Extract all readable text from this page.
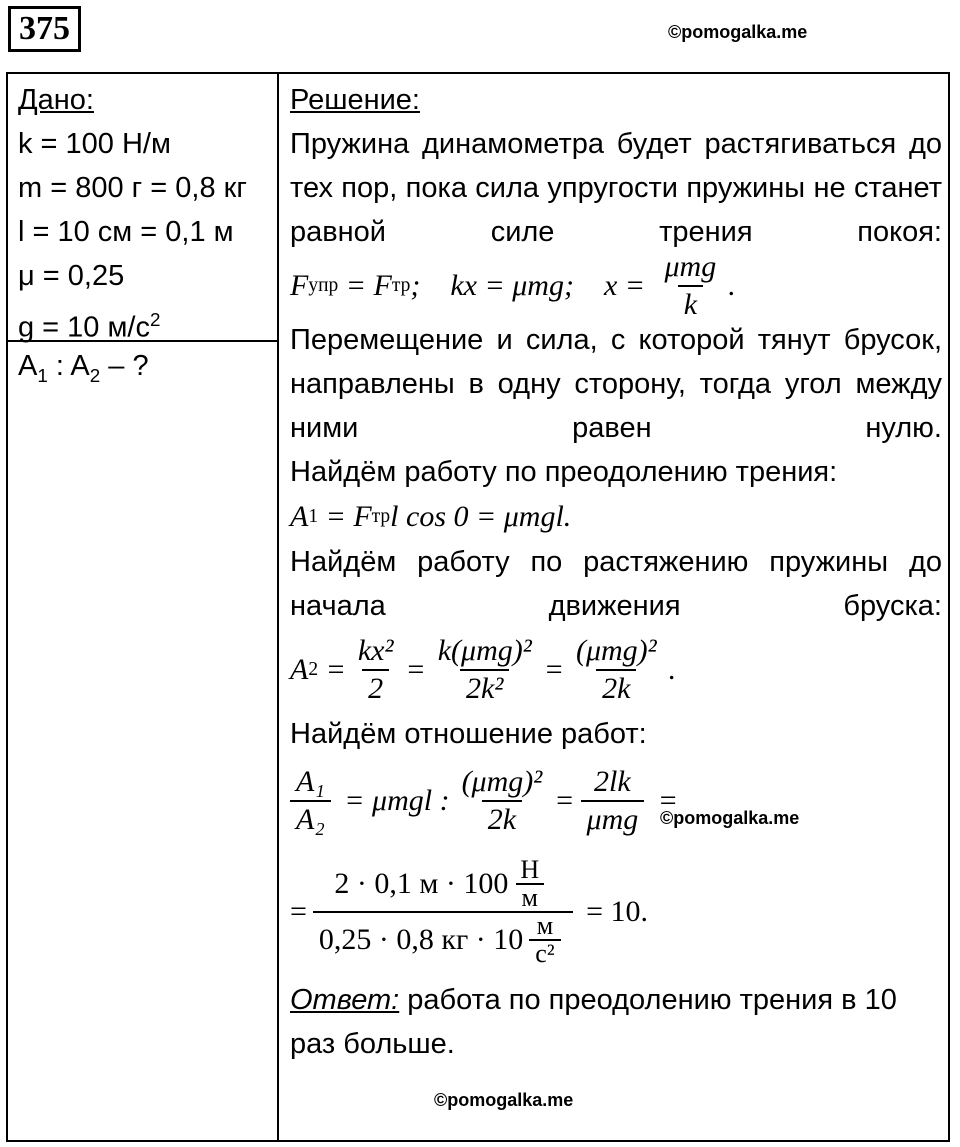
375	©pomogalka.me
Дано:
k = 100 Н/м
m = 800 г = 0,8 кг
l = 10 см = 0,1 м
μ = 0,25
g = 10 $м/с^2$
$A_1$ : $A_2$ – ?
Решение:
Пружина динамометра будет растягиваться до тех пор, пока сила упругости пружины не станет равной силе трения покоя:
F упр = F тр ;    kx = μmg;    $x = \frac{\text{μmg}}{k}$ .
Перемещение и сила, с которой тянут брусок, направлены в одну сторону, тогда угол между ними равен нулю.
Найдём работу по преодолению трения:
A 1 = F тр l cos 0 = μmgl.
Найдём работу по растяжению пружины до начала движения бруска:
A $2 = \frac{\text{kx²}}{2} = \frac{\text{k(μmg)²}}{\text{2k²}} = \frac{\text{(μmg)²}}{2k}$ .
Найдём отношение работ:
$\frac{\text{A₁}}{\text{A₂}} = \mu mgl$ : $\frac{\text{(μmg)²}}{2k} = \frac{2lk}{\text{μmg}}$ =
= $\frac{2 \cdot 0,1 м \cdot 100 \frac{Н}{м}}{0,25 \cdot 0,8 кг \cdot 10 \frac{м}{\text{с²}}} = 10$.
Ответ: работа по преодолению трения в 10 раз больше.
©pomogalka.me
©pomogalka.me
